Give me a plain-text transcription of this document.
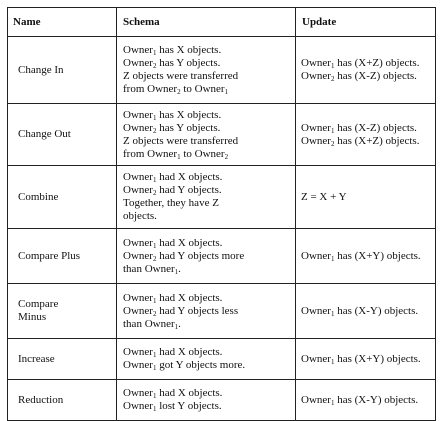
Name	Schema	Update

Change In	Owner$_1$ has X objects.
Owner$_2$ has Y objects.
Z objects were transferred
from Owner$_2$ to Owner$_1$	Owner$_1$ has (X+Z) objects.
Owner$_2$ has (X-Z) objects.

Change Out	Owner$_1$ has X objects.
Owner$_2$ has Y objects.
Z objects were transferred
from Owner$_1$ to Owner$_2$	Owner$_1$ has (X-Z) objects.
Owner$_2$ has (X+Z) objects.

Combine	Owner$_1$ had X objects.
Owner$_2$ had Y objects.
Together, they have Z
objects.	Z = X + Y

Compare Plus	Owner$_1$ had X objects.
Owner$_2$ had Y objects more
than Owner$_1$.	Owner$_1$ has (X+Y) objects.

Compare
Minus	Owner$_1$ had X objects.
Owner$_2$ had Y objects less
than Owner$_1$.	Owner$_1$ has (X-Y) objects.

Increase	Owner$_1$ had X objects.
Owner$_1$ got Y objects more.	Owner$_1$ has (X+Y) objects.

Reduction	Owner$_1$ had X objects.
Owner$_1$ lost Y objects.	Owner$_1$ has (X-Y) objects.
